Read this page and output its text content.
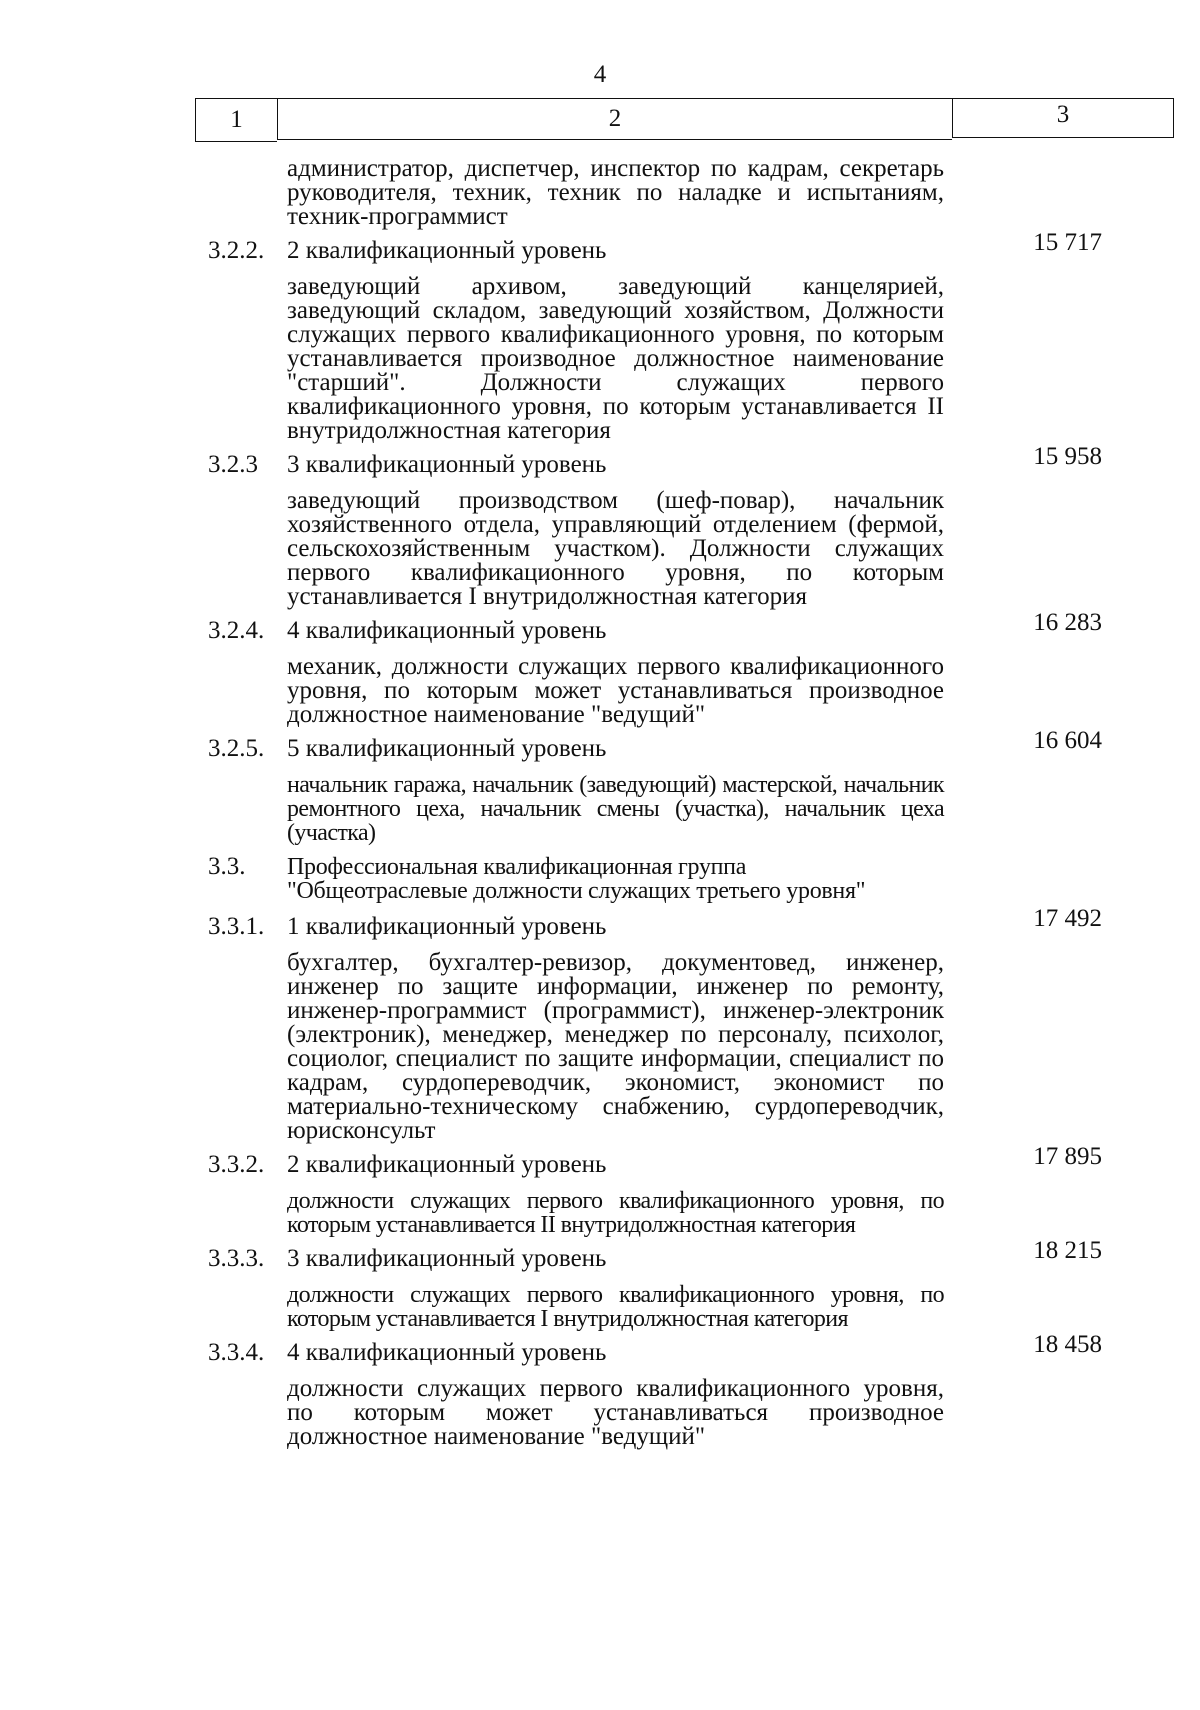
4
1	2	3
администратор, диспетчер, инспектор по кадрам, секретарь руководителя, техник, техник по наладке и испытаниям, техник-программист
3.2.2. 2 квалификационный уровень	15 717
заведующий архивом, заведующий канцелярией, заведующий складом, заведующий хозяйством, Должности служащих первого квалификационного уровня, по которым устанавливается производное должностное наименование "старший". Должности служащих первого квалификационного уровня, по которым устанавливается II внутридолжностная категория
3.2.3 3 квалификационный уровень	15 958
заведующий производством (шеф-повар), начальник хозяйственного отдела, управляющий отделением (фермой, сельскохозяйственным участком). Должности служащих первого квалификационного уровня, по которым устанавливается I внутридолжностная категория
3.2.4. 4 квалификационный уровень	16 283
механик, должности служащих первого квалификационного уровня, по которым может устанавливаться производное должностное наименование "ведущий"
3.2.5. 5 квалификационный уровень	16 604
начальник гаража, начальник (заведующий) мастерской, начальник ремонтного цеха, начальник смены (участка), начальник цеха (участка)
3.3. Профессиональная квалификационная группа
"Общеотраслевые должности служащих третьего уровня"
3.3.1. 1 квалификационный уровень	17 492
бухгалтер, бухгалтер-ревизор, документовед, инженер, инженер по защите информации, инженер по ремонту, инженер-программист (программист), инженер-электроник (электроник), менеджер, менеджер по персоналу, психолог, социолог, специалист по защите информации, специалист по кадрам, сурдопереводчик, экономист, экономист по материально-техническому снабжению, сурдопереводчик, юрисконсульт
3.3.2. 2 квалификационный уровень	17 895
должности служащих первого квалификационного уровня, по которым устанавливается II внутридолжностная категория
3.3.3. 3 квалификационный уровень	18 215
должности служащих первого квалификационного уровня, по которым устанавливается I внутридолжностная категория
3.3.4. 4 квалификационный уровень	18 458
должности служащих первого квалификационного уровня, по которым может устанавливаться производное должностное наименование "ведущий"
